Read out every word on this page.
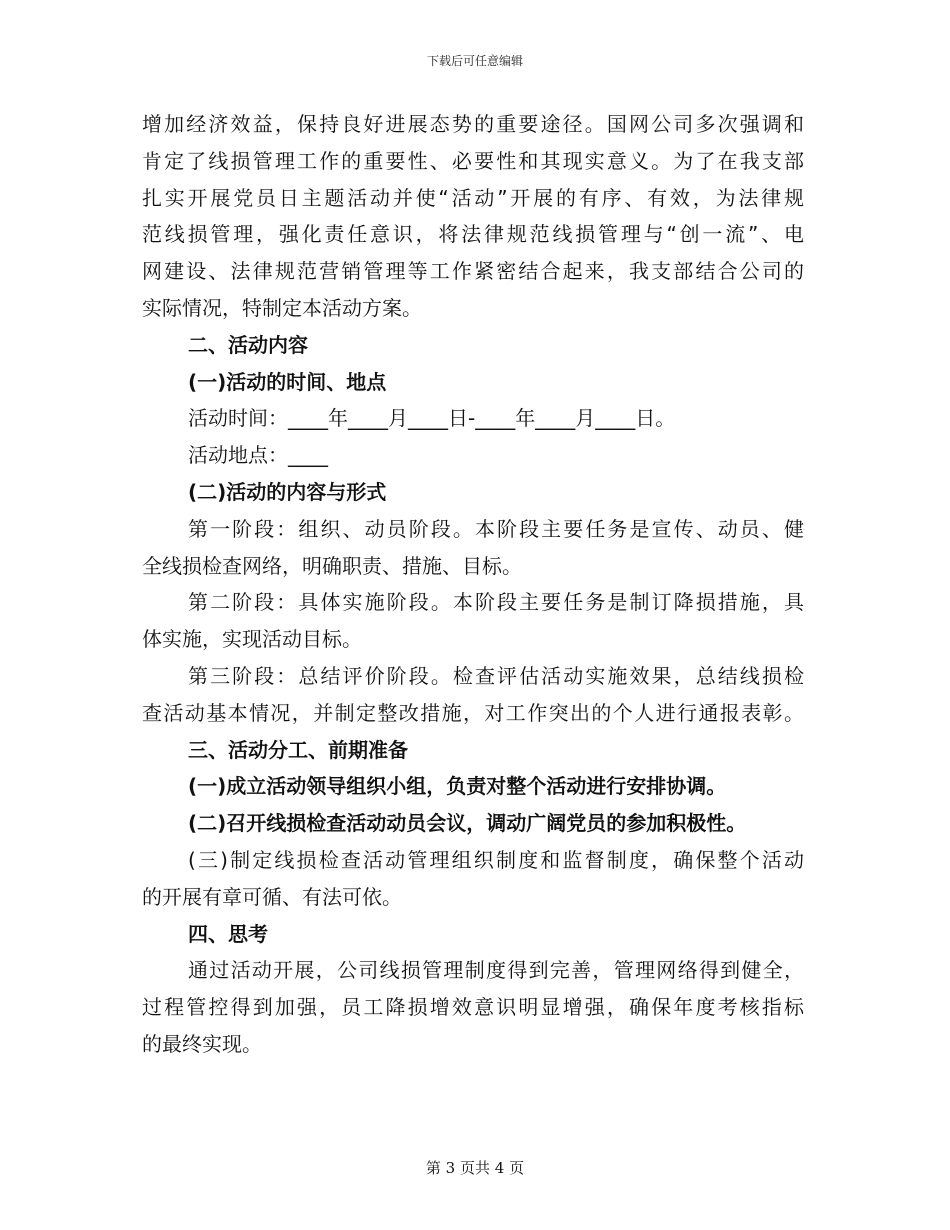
下载后可任意编辑
增加经济效益，保持良好进展态势的重要途径。国网公司多次强调和
肯定了线损管理工作的重要性、必要性和其现实意义。为了在我支部
扎实开展党员日主题活动并使“活动”开展的有序、有效，为法律规
范线损管理，强化责任意识，将法律规范线损管理与“创一流”、电
网建设、法律规范营销管理等工作紧密结合起来，我支部结合公司的
实际情况，特制定本活动方案。
二、活动内容
(一)活动的时间、地点
活动时间：____年____月____日-____年____月____日。
活动地点：____
(二)活动的内容与形式
第一阶段：组织、动员阶段。本阶段主要任务是宣传、动员、健
全线损检查网络，明确职责、措施、目标。
第二阶段：具体实施阶段。本阶段主要任务是制订降损措施，具
体实施，实现活动目标。
第三阶段：总结评价阶段。检查评估活动实施效果，总结线损检
查活动基本情况，并制定整改措施，对工作突出的个人进行通报表彰。
三、活动分工、前期准备
(一)成立活动领导组织小组，负责对整个活动进行安排协调。
(二)召开线损检查活动动员会议，调动广阔党员的参加积极性。
(三)制定线损检查活动管理组织制度和监督制度，确保整个活动
的开展有章可循、有法可依。
四、思考
通过活动开展，公司线损管理制度得到完善，管理网络得到健全，
过程管控得到加强，员工降损增效意识明显增强，确保年度考核指标
的最终实现。
第 3 页共 4 页
